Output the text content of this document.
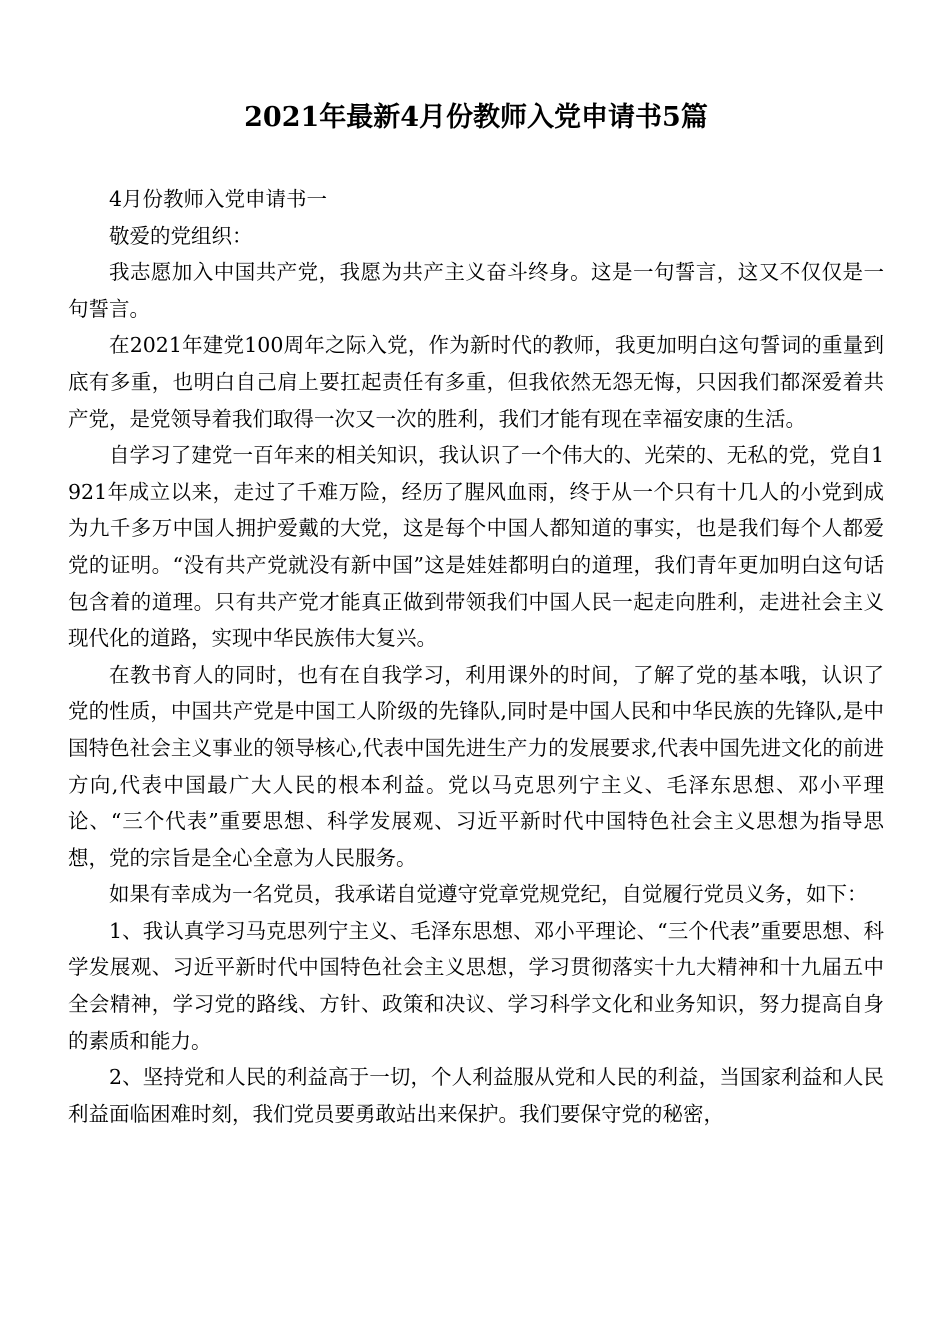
2021年最新4月份教师入党申请书5篇

4月份教师入党申请书一

敬爱的党组织：

我志愿加入中国共产党，我愿为共产主义奋斗终身。这是一句誓言，这又不仅仅是一句誓言。

在2021年建党100周年之际入党，作为新时代的教师，我更加明白这句誓词的重量到底有多重，也明白自己肩上要扛起责任有多重，但我依然无怨无悔，只因我们都深爱着共产党，是党领导着我们取得一次又一次的胜利，我们才能有现在幸福安康的生活。

自学习了建党一百年来的相关知识，我认识了一个伟大的、光荣的、无私的党，党自1921年成立以来，走过了千难万险，经历了腥风血雨，终于从一个只有十几人的小党到成为九千多万中国人拥护爱戴的大党，这是每个中国人都知道的事实，也是我们每个人都爱党的证明。“没有共产党就没有新中国”这是娃娃都明白的道理，我们青年更加明白这句话包含着的道理。只有共产党才能真正做到带领我们中国人民一起走向胜利，走进社会主义现代化的道路，实现中华民族伟大复兴。

在教书育人的同时，也有在自我学习，利用课外的时间，了解了党的基本哦，认识了党的性质，中国共产党是中国工人阶级的先锋队,同时是中国人民和中华民族的先锋队,是中国特色社会主义事业的领导核心,代表中国先进生产力的发展要求,代表中国先进文化的前进方向,代表中国最广大人民的根本利益。党以马克思列宁主义、毛泽东思想、邓小平理论、“三个代表”重要思想、科学发展观、习近平新时代中国特色社会主义思想为指导思想，党的宗旨是全心全意为人民服务。

如果有幸成为一名党员，我承诺自觉遵守党章党规党纪，自觉履行党员义务，如下：

1、我认真学习马克思列宁主义、毛泽东思想、邓小平理论、“三个代表”重要思想、科学发展观、习近平新时代中国特色社会主义思想，学习贯彻落实十九大精神和十九届五中全会精神，学习党的路线、方针、政策和决议、学习科学文化和业务知识，努力提高自身的素质和能力。

2、坚持党和人民的利益高于一切，个人利益服从党和人民的利益，当国家利益和人民利益面临困难时刻，我们党员要勇敢站出来保护。我们要保守党的秘密，
